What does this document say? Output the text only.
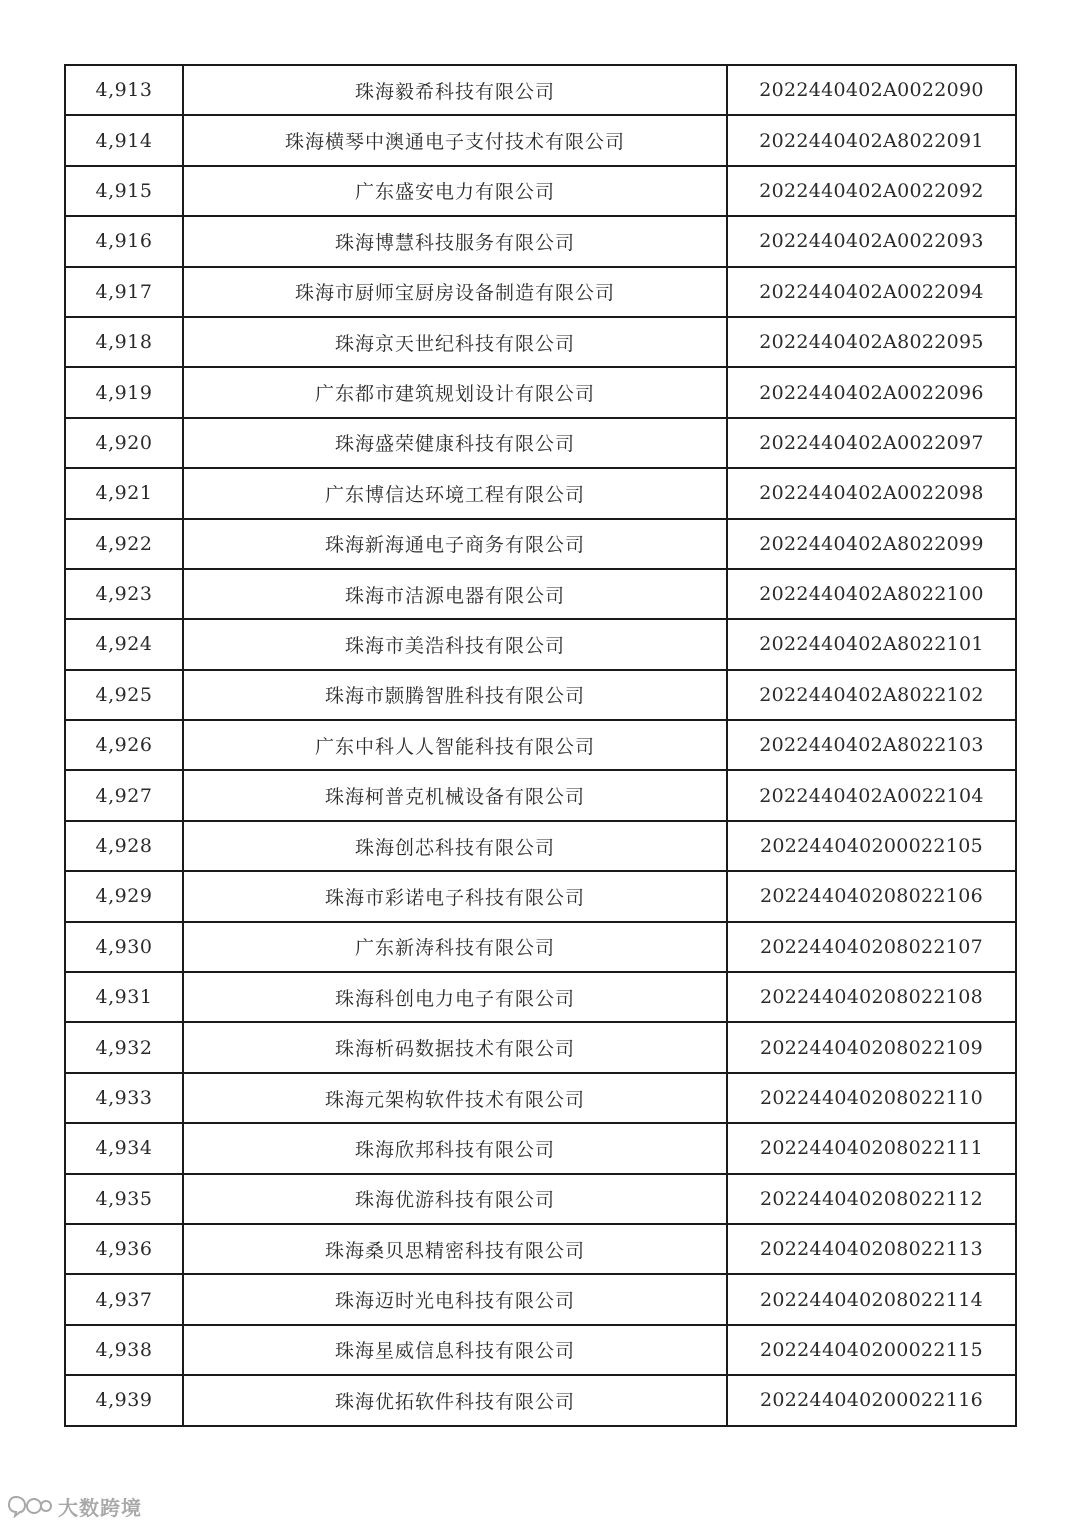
4,913	珠海毅希科技有限公司	2022440402A0022090
4,914	珠海横琴中澳通电子支付技术有限公司	2022440402A8022091
4,915	广东盛安电力有限公司	2022440402A0022092
4,916	珠海博慧科技服务有限公司	2022440402A0022093
4,917	珠海市厨师宝厨房设备制造有限公司	2022440402A0022094
4,918	珠海京天世纪科技有限公司	2022440402A8022095
4,919	广东都市建筑规划设计有限公司	2022440402A0022096
4,920	珠海盛荣健康科技有限公司	2022440402A0022097
4,921	广东博信达环境工程有限公司	2022440402A0022098
4,922	珠海新海通电子商务有限公司	2022440402A8022099
4,923	珠海市洁源电器有限公司	2022440402A8022100
4,924	珠海市美浩科技有限公司	2022440402A8022101
4,925	珠海市颢腾智胜科技有限公司	2022440402A8022102
4,926	广东中科人人智能科技有限公司	2022440402A8022103
4,927	珠海柯普克机械设备有限公司	2022440402A0022104
4,928	珠海创芯科技有限公司	202244040200022105
4,929	珠海市彩诺电子科技有限公司	202244040208022106
4,930	广东新涛科技有限公司	202244040208022107
4,931	珠海科创电力电子有限公司	202244040208022108
4,932	珠海析码数据技术有限公司	202244040208022109
4,933	珠海元架构软件技术有限公司	202244040208022110
4,934	珠海欣邦科技有限公司	202244040208022111
4,935	珠海优游科技有限公司	202244040208022112
4,936	珠海桑贝思精密科技有限公司	202244040208022113
4,937	珠海迈时光电科技有限公司	202244040208022114
4,938	珠海星威信息科技有限公司	202244040200022115
4,939	珠海优拓软件科技有限公司	202244040200022116
大数跨境
